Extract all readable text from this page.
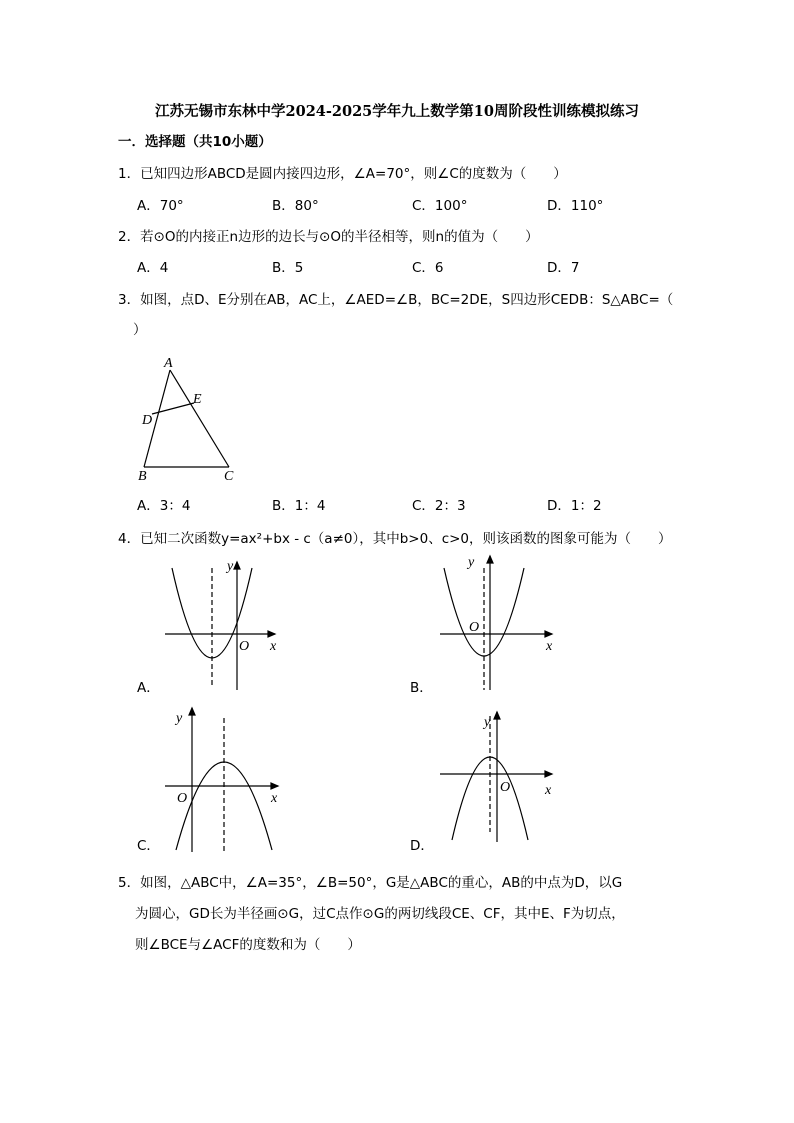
江苏无锡市东林中学2024-2025学年九上数学第10周阶段性训练模拟练习
一．选择题（共10小题）
1．已知四边形ABCD是圆内接四边形，∠A=70°，则∠C的度数为（　　）
A．70°	B．80°	C．100°	D．110°
2．若⊙O的内接正n边形的边长与⊙O的半径相等，则n的值为（　　）
A．4	B．5	C．6	D．7
3．如图，点D、E分别在AB，AC上，∠AED=∠B，BC=2DE，S四边形CEDB：S△ABC=（
）
A．3：4	B．1：4	C．2：3	D．1：2
4．已知二次函数y=ax²+bx - c（a≠0），其中b>0、c>0，则该函数的图象可能为（　　）
A．	B．
C．	D．
5．如图，△ABC中，∠A=35°，∠B=50°，G是△ABC的重心，AB的中点为D，以G
为圆心，GD长为半径画⊙G，过C点作⊙G的两切线段CE、CF，其中E、F为切点，
则∠BCE与∠ACF的度数和为（　　）
A
E
D
B	C
y
x
O
y
x
O
y
x
O
y
x
O
